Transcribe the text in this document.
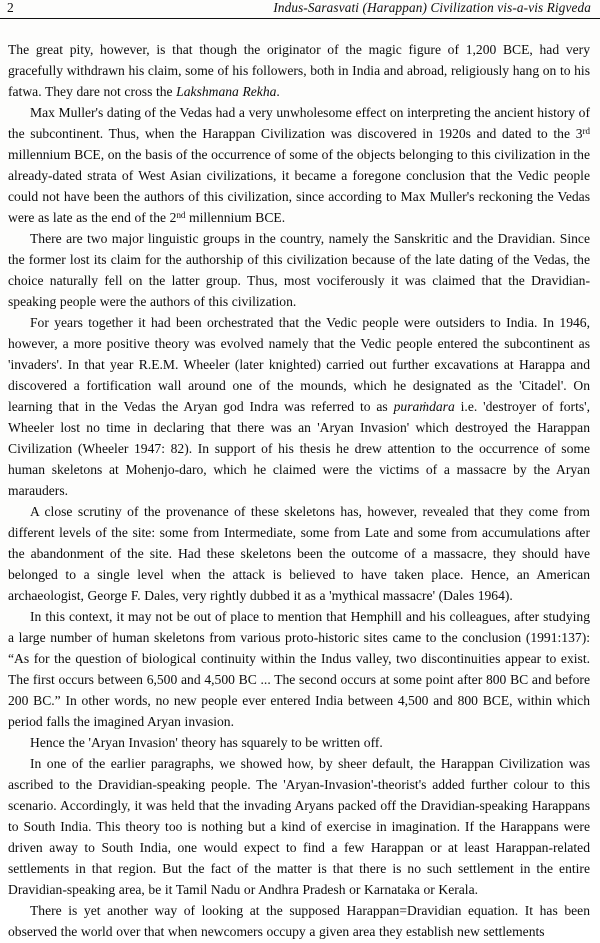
2	Indus-Sarasvati (Harappan) Civilization vis-a-vis Rigveda

The great pity, however, is that though the originator of the magic figure of 1,200 BCE, had very gracefully withdrawn his claim, some of his followers, both in India and abroad, religiously hang on to his fatwa. They dare not cross the Lakshmana Rekha.

Max Muller's dating of the Vedas had a very unwholesome effect on interpreting the ancient history of the subcontinent. Thus, when the Harappan Civilization was discovered in 1920s and dated to the 3rd millennium BCE, on the basis of the occurrence of some of the objects belonging to this civilization in the already-dated strata of West Asian civilizations, it became a foregone conclusion that the Vedic people could not have been the authors of this civilization, since according to Max Muller's reckoning the Vedas were as late as the end of the 2nd millennium BCE.

There are two major linguistic groups in the country, namely the Sanskritic and the Dravidian. Since the former lost its claim for the authorship of this civilization because of the late dating of the Vedas, the choice naturally fell on the latter group. Thus, most vociferously it was claimed that the Dravidian-speaking people were the authors of this civilization.

For years together it had been orchestrated that the Vedic people were outsiders to India. In 1946, however, a more positive theory was evolved namely that the Vedic people entered the subcontinent as 'invaders'. In that year R.E.M. Wheeler (later knighted) carried out further excavations at Harappa and discovered a fortification wall around one of the mounds, which he designated as the 'Citadel'. On learning that in the Vedas the Aryan god Indra was referred to as puraṁdara i.e. 'destroyer of forts', Wheeler lost no time in declaring that there was an 'Aryan Invasion' which destroyed the Harappan Civilization (Wheeler 1947: 82). In support of his thesis he drew attention to the occurrence of some human skeletons at Mohenjo-daro, which he claimed were the victims of a massacre by the Aryan marauders.

A close scrutiny of the provenance of these skeletons has, however, revealed that they come from different levels of the site: some from Intermediate, some from Late and some from accumulations after the abandonment of the site. Had these skeletons been the outcome of a massacre, they should have belonged to a single level when the attack is believed to have taken place. Hence, an American archaeologist, George F. Dales, very rightly dubbed it as a 'mythical massacre' (Dales 1964).

In this context, it may not be out of place to mention that Hemphill and his colleagues, after studying a large number of human skeletons from various proto-historic sites came to the conclusion (1991:137): “As for the question of biological continuity within the Indus valley, two discontinuities appear to exist. The first occurs between 6,500 and 4,500 BC ... The second occurs at some point after 800 BC and before 200 BC.” In other words, no new people ever entered India between 4,500 and 800 BCE, within which period falls the imagined Aryan invasion.

Hence the 'Aryan Invasion' theory has squarely to be written off.

In one of the earlier paragraphs, we showed how, by sheer default, the Harappan Civilization was ascribed to the Dravidian-speaking people. The 'Aryan-Invasion'-theorist's added further colour to this scenario. Accordingly, it was held that the invading Aryans packed off the Dravidian-speaking Harappans to South India. This theory too is nothing but a kind of exercise in imagination. If the Harappans were driven away to South India, one would expect to find a few Harappan or at least Harappan-related settlements in that region. But the fact of the matter is that there is no such settlement in the entire Dravidian-speaking area, be it Tamil Nadu or Andhra Pradesh or Karnataka or Kerala.

There is yet another way of looking at the supposed Harappan=Dravidian equation. It has been observed the world over that when newcomers occupy a given area they establish new settlements
